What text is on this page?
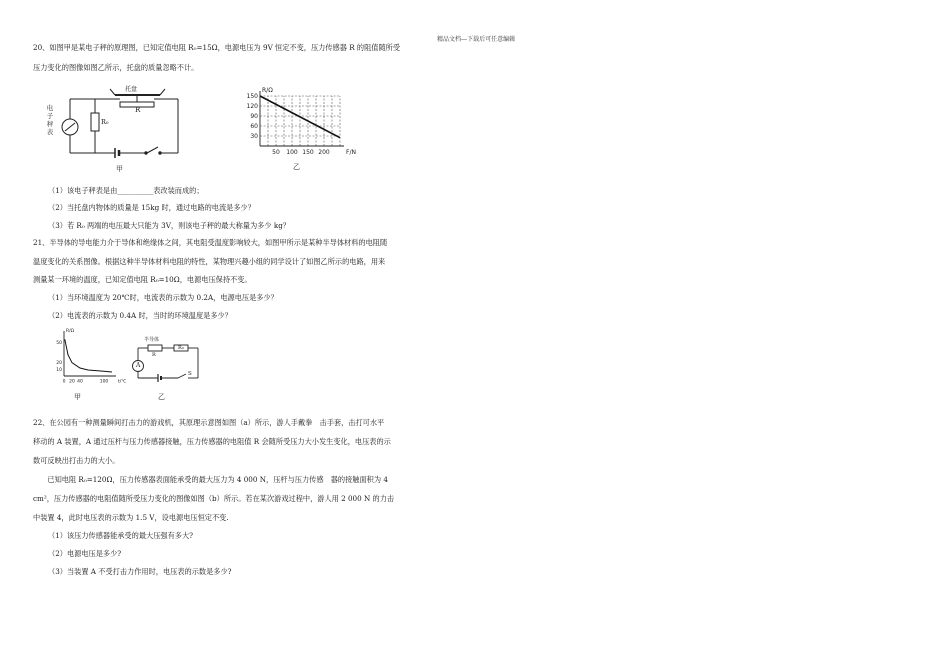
精品文档---下载后可任意编辑
20、如图甲是某电子秤的原理图，已知定值电阻 R₀=15Ω，电源电压为 9V 恒定不变，压力传感器 R 的阻值随所受
压力变化的图像如图乙所示，托盘的质量忽略不计。
托盘
R
R₀
电子秤表
甲
50 100 150 200
30
60
90
120
150
F/N
R/Ω
乙
（1）该电子秤表是由__________表改装而成的；
（2）当托盘内物体的质量是 15kg 时，通过电路的电流是多少？
（3）若 R₀ 两端的电压最大只能为 3V，则该电子秤的最大称量为多少 kg？
21、半导体的导电能力介于导体和绝缘体之间，其电阻受温度影响较大，如图甲所示是某种半导体材料的电阻随
温度变化的关系图像。根据这种半导体材料电阻的特性，某物理兴趣小组的同学设计了如图乙所示的电路，用来
测量某一环境的温度，已知定值电阻 R₀=10Ω，电源电压保持不变。
（1）当环境温度为 20℃时，电流表的示数为 0.2A，电源电压是多少？
（2）电流表的示数为 0.4A 时，当时的环境温度是多少？
0 20 40	100
10
20
50
t/℃
R/Ω
甲
半导体
R
R₀
A
S
乙
22、在公园有一种测量瞬间打击力的游戏机，其原理示意图如图（a）所示，游人手戴拳　击手套，击打可水平
移动的 A 装置，A 通过压杆与压力传感器接触，压力传感器的电阻值 R 会随所受压力大小发生变化，电压表的示
数可反映出打击力的大小。
　　已知电阻 R₀=120Ω，压力传感器表面能承受的最大压力为 4 000 N，压杆与压力传感　器的接触面积为 4
cm²，压力传感器的电阻值随所受压力变化的图像如图（b）所示。若在某次游戏过程中，游人用 2 000 N 的力击
中装置 4，此时电压表的示数为 1.5 V，设电源电压恒定不变.
（1）该压力传感器能承受的最大压强有多大?
（2）电源电压是多少?
（3）当装置 A 不受打击力作用时，电压表的示数是多少?
